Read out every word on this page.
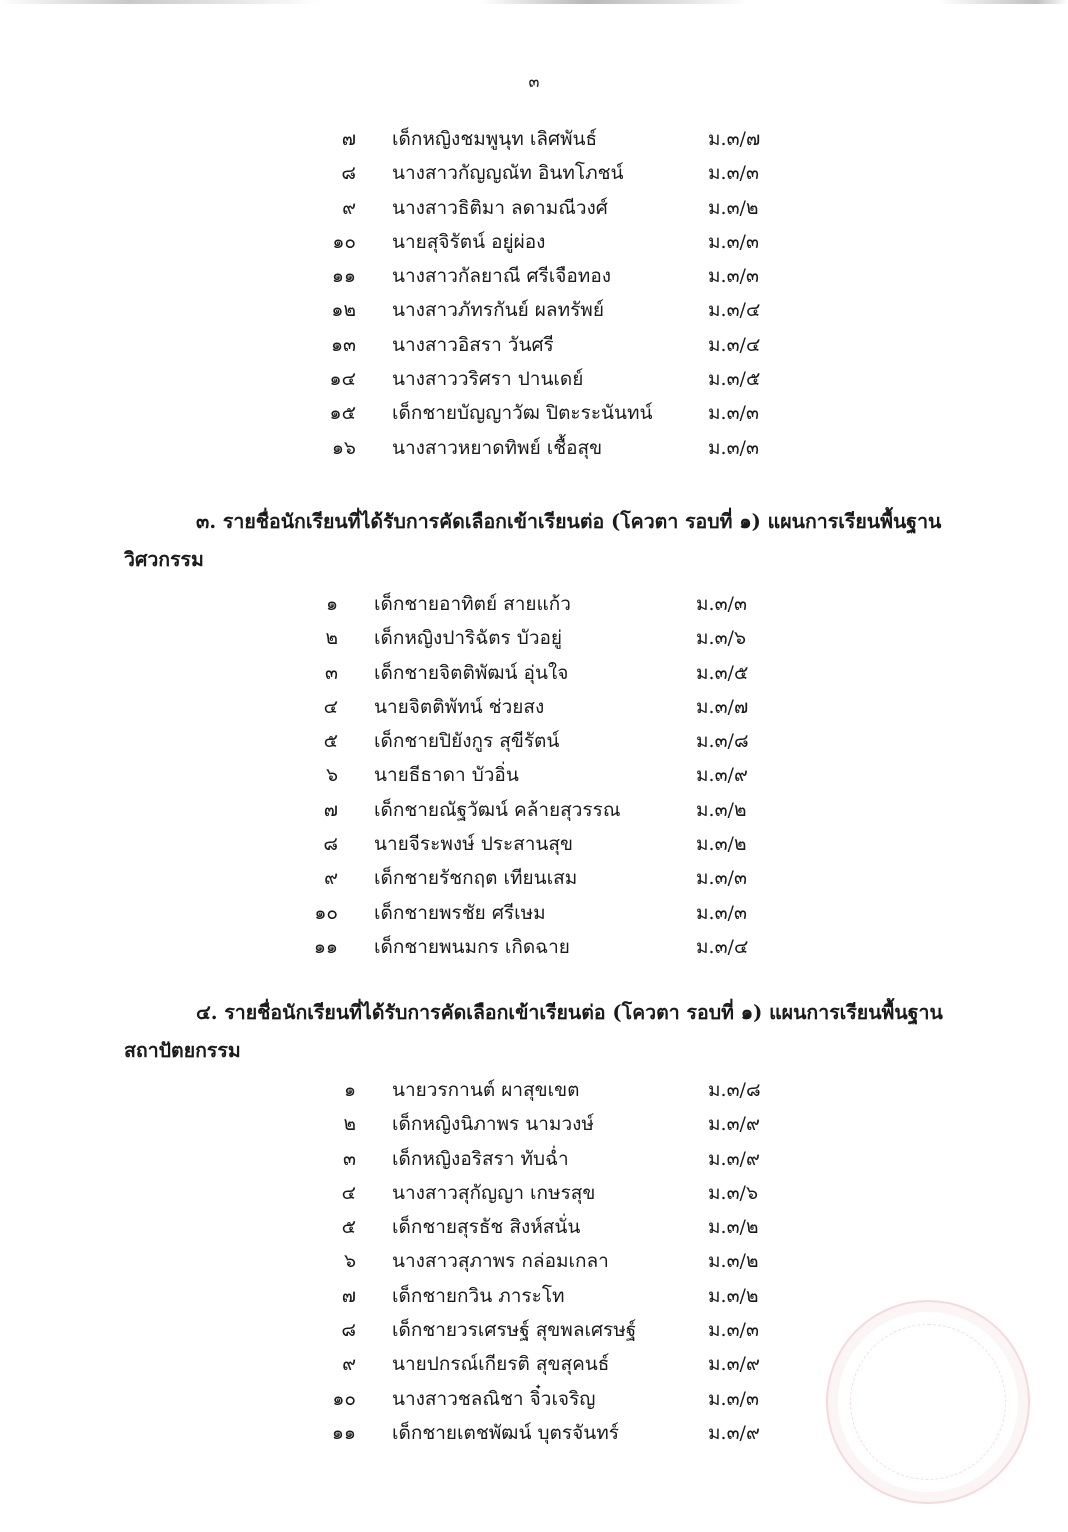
๓
๗ เด็กหญิงชมพูนุท เลิศพันธ์	ม.๓/๗
๘ นางสาวกัญญณัท อินทโภชน์	ม.๓/๓
๙ นางสาวธิติมา ลดามณีวงศ์	ม.๓/๒
๑๐ นายสุจิรัตน์ อยู่ผ่อง	ม.๓/๓
๑๑ นางสาวกัลยาณี ศรีเจือทอง	ม.๓/๓
๑๒ นางสาวภัทรกันย์ ผลทรัพย์	ม.๓/๔
๑๓ นางสาวอิสรา วันศรี	ม.๓/๔
๑๔ นางสาววริศรา ปานเดย์	ม.๓/๕
๑๕ เด็กชายบัญญาวัฒ ปิตะระนันทน์	ม.๓/๓
๑๖ นางสาวหยาดทิพย์ เชื้อสุข	ม.๓/๓
๓. รายชื่อนักเรียนที่ได้รับการคัดเลือกเข้าเรียนต่อ (โควตา รอบที่ ๑) แผนการเรียนพื้นฐาน
วิศวกรรม
๑ เด็กชายอาทิตย์ สายแก้ว	ม.๓/๓
๒ เด็กหญิงปาริฉัตร บัวอยู่	ม.๓/๖
๓ เด็กชายจิตติพัฒน์ อุ่นใจ	ม.๓/๕
๔ นายจิตติพัทน์ ช่วยสง	ม.๓/๗
๕ เด็กชายปิยังกูร สุขีรัตน์	ม.๓/๘
๖ นายธีธาดา บัวอิ่น	ม.๓/๙
๗ เด็กชายณัฐวัฒน์ คล้ายสุวรรณ	ม.๓/๒
๘ นายจีระพงษ์ ประสานสุข	ม.๓/๒
๙ เด็กชายรัชกฤต เทียนเสม	ม.๓/๓
๑๐ เด็กชายพรชัย ศรีเษม	ม.๓/๓
๑๑ เด็กชายพนมกร เกิดฉาย	ม.๓/๔
๔. รายชื่อนักเรียนที่ได้รับการคัดเลือกเข้าเรียนต่อ (โควตา รอบที่ ๑) แผนการเรียนพื้นฐาน
สถาปัตยกรรม
๑ นายวรกานต์ ผาสุขเขต	ม.๓/๘
๒ เด็กหญิงนิภาพร นามวงษ์	ม.๓/๙
๓ เด็กหญิงอริสรา ทับฉ่ำ	ม.๓/๙
๔ นางสาวสุกัญญา เกษรสุข	ม.๓/๖
๕ เด็กชายสุรธัช สิงห์สนั่น	ม.๓/๒
๖ นางสาวสุภาพร กล่อมเกลา	ม.๓/๒
๗ เด็กชายกวิน ภาระโท	ม.๓/๒
๘ เด็กชายวรเศรษฐ์ สุขพลเศรษฐ์	ม.๓/๓
๙ นายปกรณ์เกียรติ สุขสุคนธ์	ม.๓/๙
๑๐ นางสาวชลณิชา จิ๋วเจริญ	ม.๓/๓
๑๑ เด็กชายเตชพัฒน์ บุตรจันทร์	ม.๓/๙
